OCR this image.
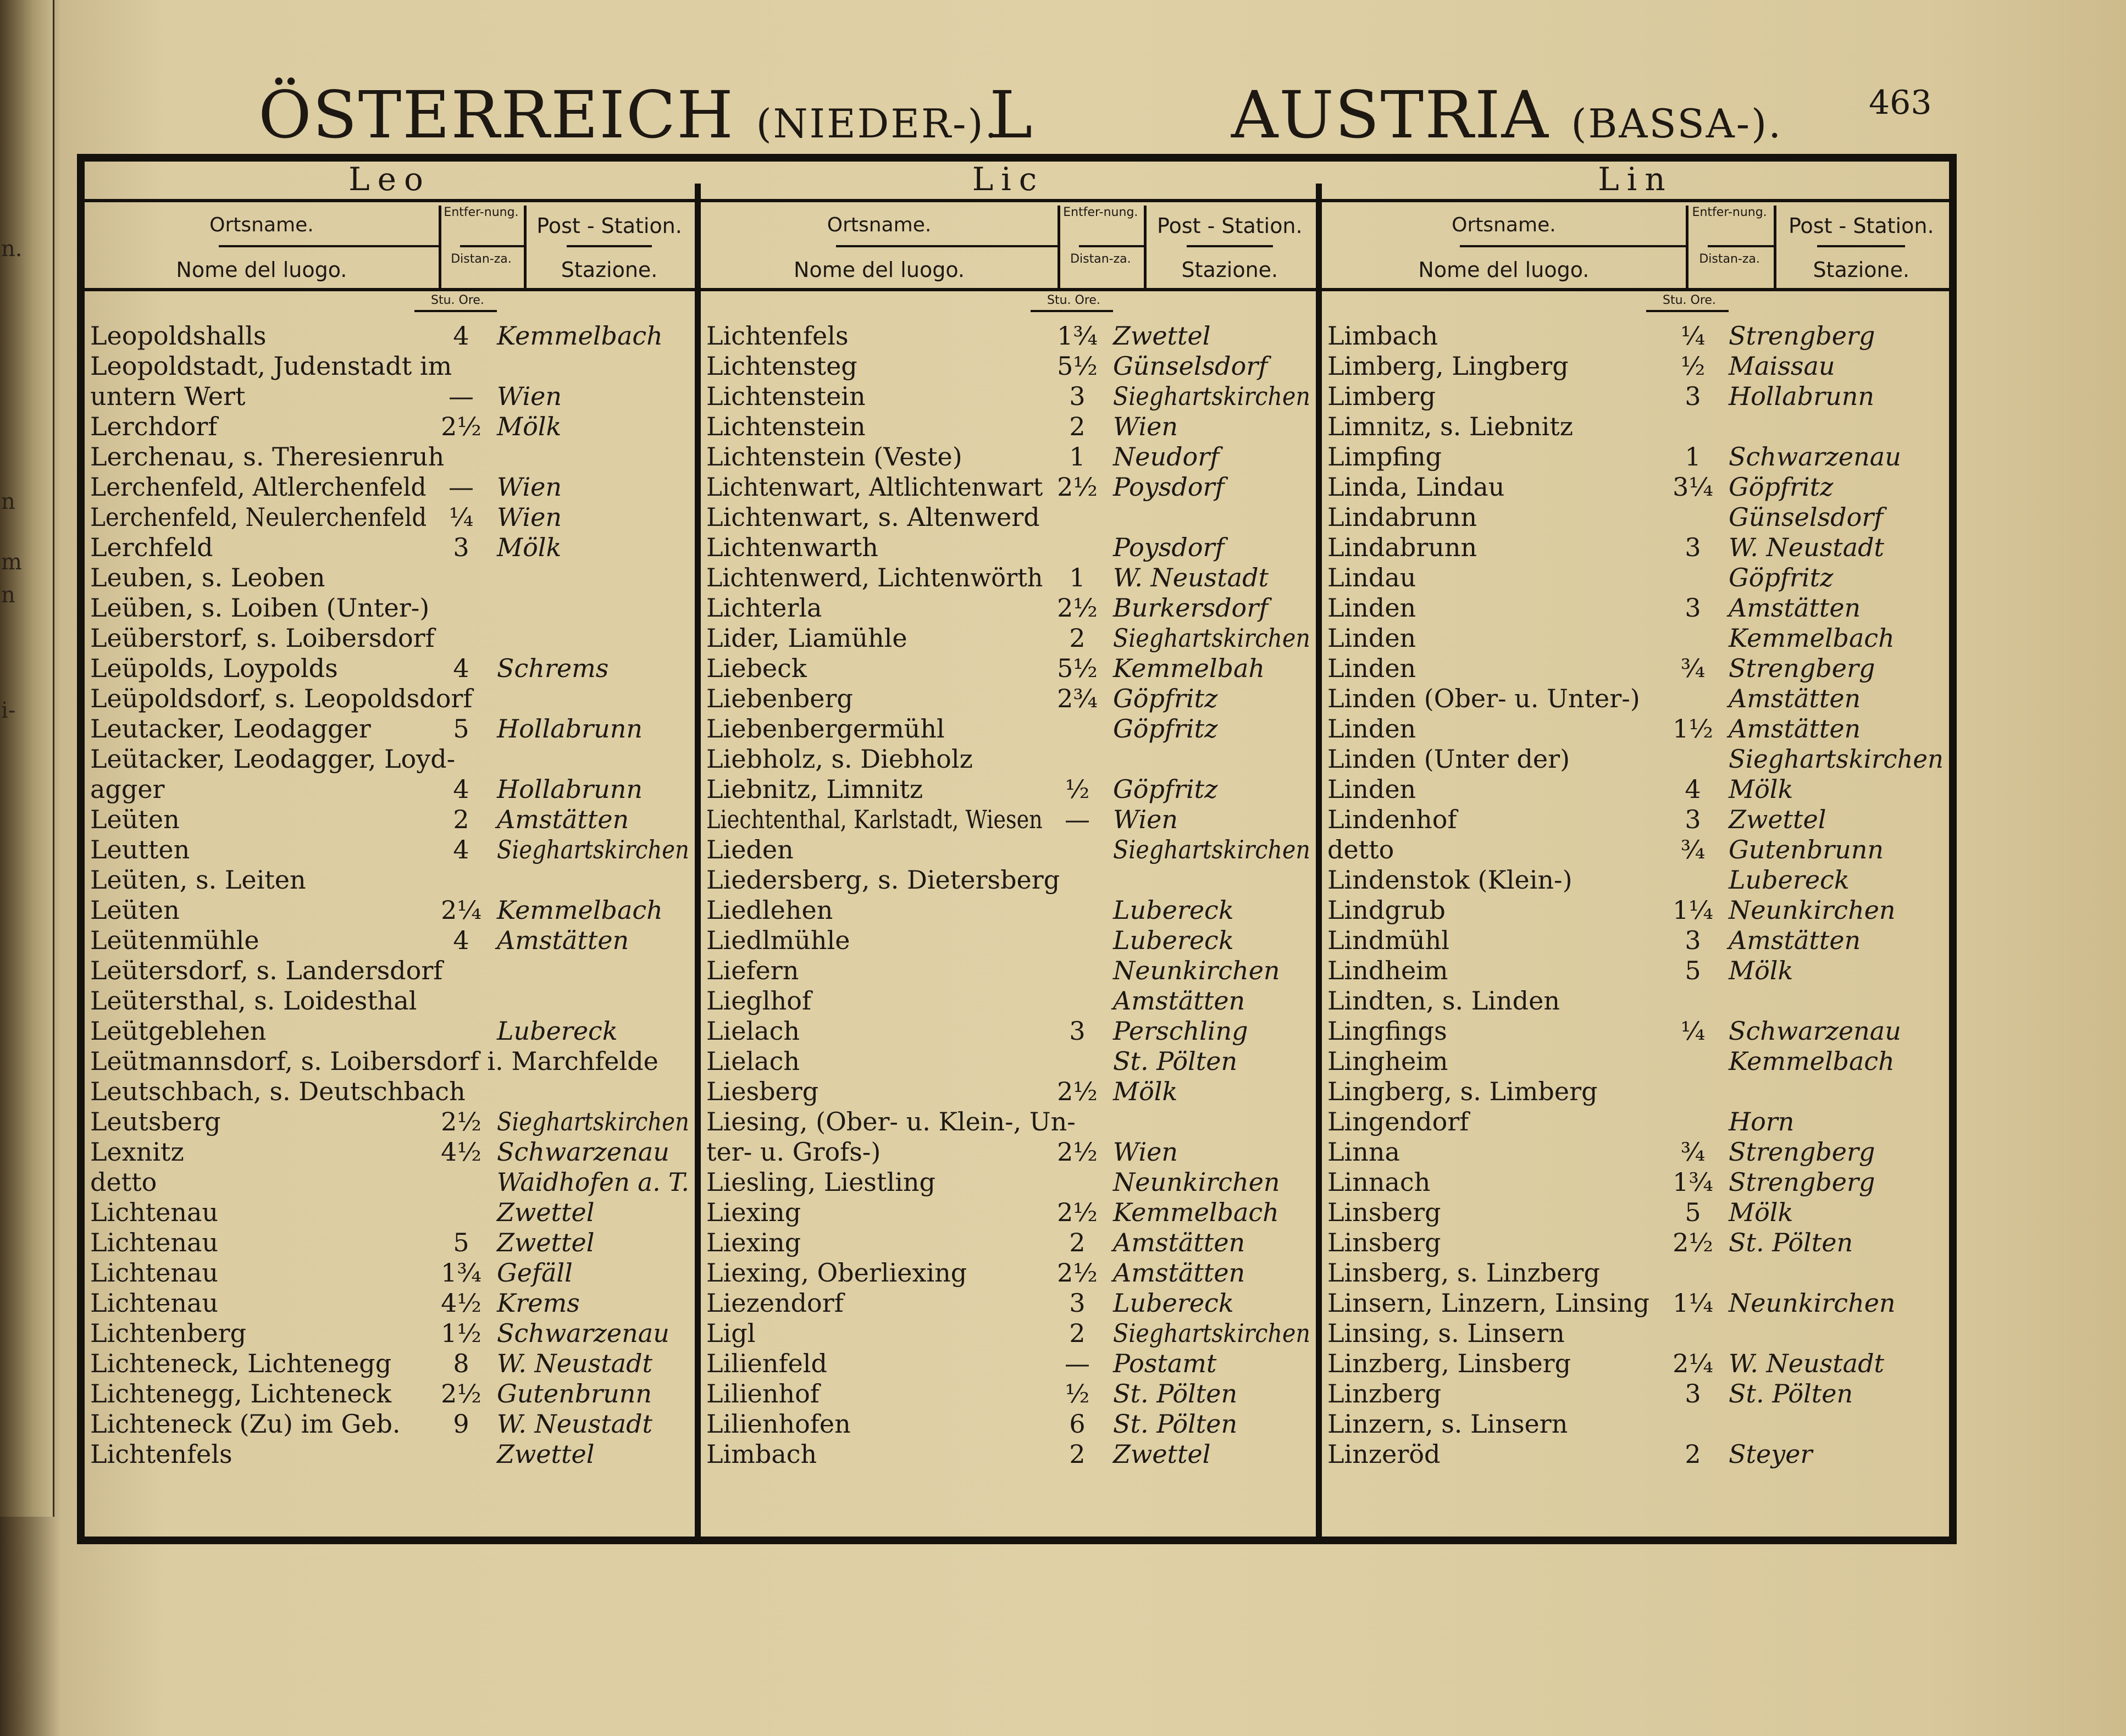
n.
n
m
n
i-
ÖSTERREICH (NIEDER-).
L	AUSTRIA (BASSA-).	463
Leo
Ortsname.
Nome del luogo.
Entfer-nung.
Distan-za.
Post - Station.
Stazione.
Stu. Ore.
Leopoldshalls	4	Kemmelbach
Leopoldstadt, Judenstadt im
untern Wert	— Wien
Lerchdorf	2½ Mölk
Lerchenau, s. Theresienruh
Lerchenfeld, Altlerchenfeld — Wien
Lerchenfeld, Neulerchenfeld ¼ Wien
Lerchfeld	3	Mölk
Leuben, s. Leoben
Leüben, s. Loiben (Unter-)
Leüberstorf, s. Loibersdorf
Leüpolds, Loypolds	4	Schrems
Leüpoldsdorf, s. Leopoldsdorf
Leutacker, Leodagger	5	Hollabrunn
Leütacker, Leodagger, Loyd-
agger	4	Hollabrunn
Leüten	2	Amstätten
Leutten	4	Sieghartskirchen
Leüten, s. Leiten
Leüten	2¼ Kemmelbach
Leütenmühle	4	Amstätten
Leütersdorf, s. Landersdorf
Leütersthal, s. Loidesthal
Leütgeblehen	Lubereck
Leütmannsdorf, s. Loibersdorf i. Marchfelde
Leutschbach, s. Deutschbach
Leutsberg	2½ Sieghartskirchen
Lexnitz	4½ Schwarzenau
detto	Waidhofen a. T.
Lichtenau	Zwettel
Lichtenau	5	Zwettel
Lichtenau	1¾ Gefäll
Lichtenau	4½ Krems
Lichtenberg	1½ Schwarzenau
Lichteneck, Lichtenegg	8	W. Neustadt
Lichtenegg, Lichteneck	2½ Gutenbrunn
Lichteneck (Zu) im Geb.	9	W. Neustadt
Lichtenfels	Zwettel
Lic
Ortsname.
Nome del luogo.
Entfer-nung.
Distan-za.
Post - Station.
Stazione.
Stu. Ore.
Lichtenfels	1¾ Zwettel
Lichtensteg	5½ Günselsdorf
Lichtenstein	3	Sieghartskirchen
Lichtenstein	2	Wien
Lichtenstein (Veste)	1	Neudorf
Lichtenwart, Altlichtenwart 2½ Poysdorf
Lichtenwart, s. Altenwerd
Lichtenwarth	Poysdorf
Lichtenwerd, Lichtenwörth	1	W. Neustadt
Lichterla	2½ Burkersdorf
Lider, Liamühle	2	Sieghartskirchen
Liebeck	5½ Kemmelbah
Liebenberg	2¾ Göpfritz
Liebenbergermühl	Göpfritz
Liebholz, s. Diebholz
Liebnitz, Limnitz	½ Göpfritz
Liechtenthal, Karlstadt, Wiesen — Wien
Lieden	Sieghartskirchen
Liedersberg, s. Dietersberg
Liedlehen	Lubereck
Liedlmühle	Lubereck
Liefern	Neunkirchen
Lieglhof	Amstätten
Lielach	3	Perschling
Lielach	St. Pölten
Liesberg	2½ Mölk
Liesing, (Ober- u. Klein-, Un-
ter- u. Grofs-)	2½ Wien
Liesling, Liestling	Neunkirchen
Liexing	2½ Kemmelbach
Liexing	2	Amstätten
Liexing, Oberliexing	2½ Amstätten
Liezendorf	3	Lubereck
Ligl	2	Sieghartskirchen
Lilienfeld	— Postamt
Lilienhof	½ St. Pölten
Lilienhofen	6	St. Pölten
Limbach	2	Zwettel
Lin
Ortsname.
Nome del luogo.
Entfer-nung.
Distan-za.
Post - Station.
Stazione.
Stu. Ore.
Limbach	¼ Strengberg
Limberg, Lingberg	½ Maissau
Limberg	3	Hollabrunn
Limnitz, s. Liebnitz
Limpfing	1	Schwarzenau
Linda, Lindau	3¼ Göpfritz
Lindabrunn	Günselsdorf
Lindabrunn	3	W. Neustadt
Lindau	Göpfritz
Linden	3	Amstätten
Linden	Kemmelbach
Linden	¾ Strengberg
Linden (Ober- u. Unter-)	Amstätten
Linden	1½ Amstätten
Linden (Unter der)	Sieghartskirchen
Linden	4	Mölk
Lindenhof	3	Zwettel
detto	¾ Gutenbrunn
Lindenstok (Klein-)	Lubereck
Lindgrub	1¼ Neunkirchen
Lindmühl	3	Amstätten
Lindheim	5	Mölk
Lindten, s. Linden
Lingfings	¼ Schwarzenau
Lingheim	Kemmelbach
Lingberg, s. Limberg
Lingendorf	Horn
Linna	¾ Strengberg
Linnach	1¾ Strengberg
Linsberg	5	Mölk
Linsberg	2½ St. Pölten
Linsberg, s. Linzberg
Linsern, Linzern, Linsing 1¼ Neunkirchen
Linsing, s. Linsern
Linzberg, Linsberg	2¼ W. Neustadt
Linzberg	3	St. Pölten
Linzern, s. Linsern
Linzeröd	2	Steyer
